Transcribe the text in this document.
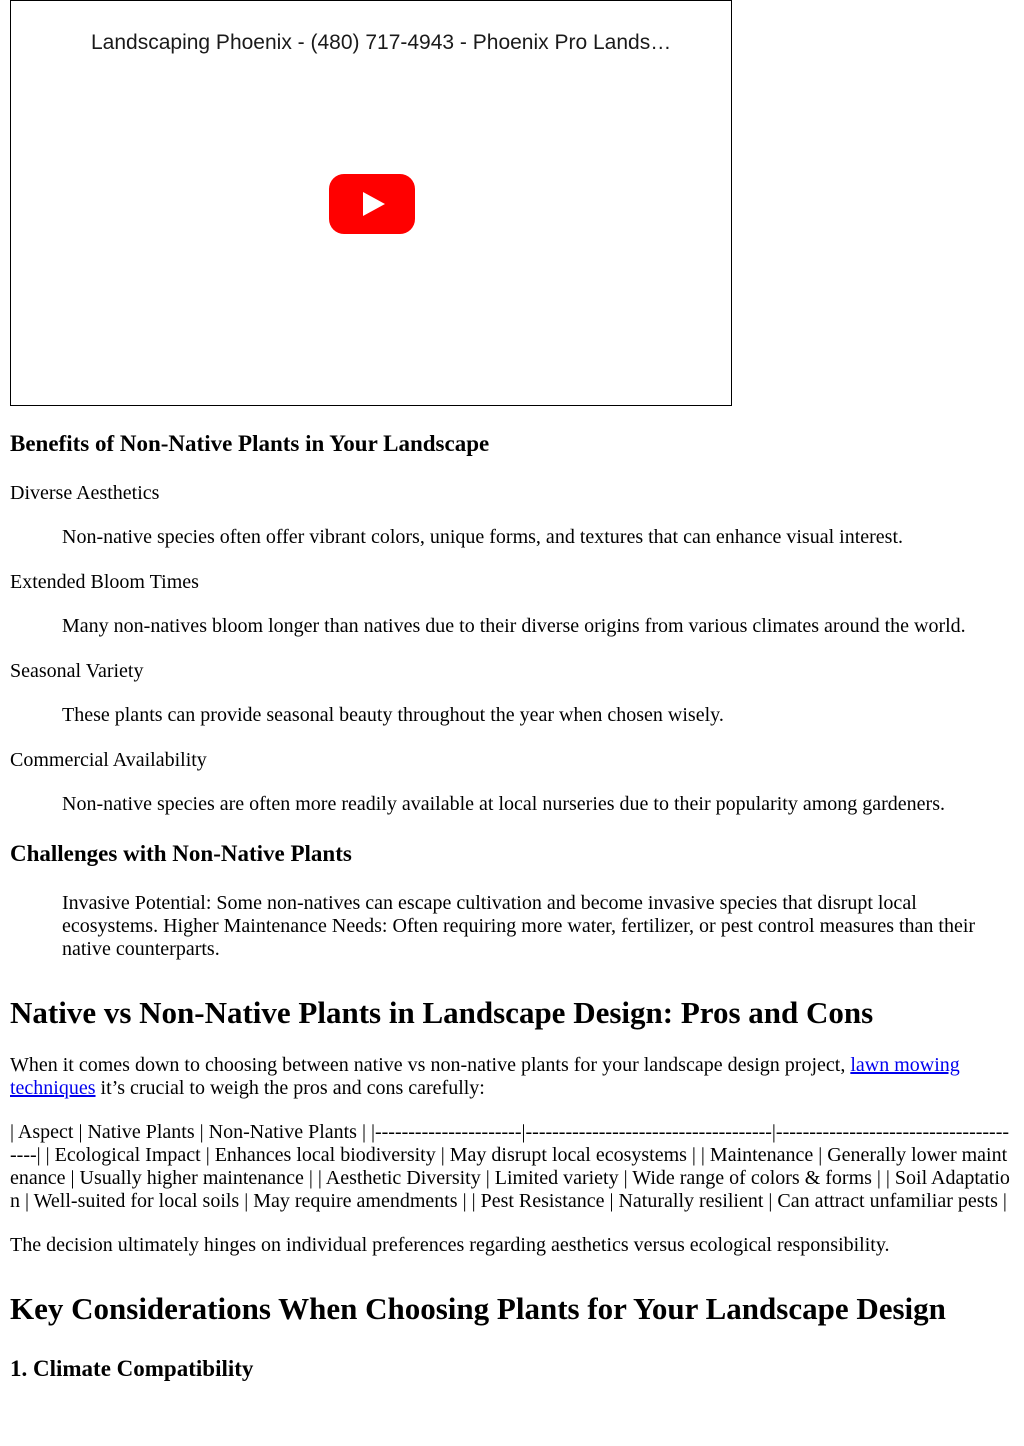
Landscaping Phoenix - (480) 717-4943 - Phoenix Pro Lands…
Benefits of Non-Native Plants in Your Landscape

Diverse Aesthetics

Non-native species often offer vibrant colors, unique forms, and textures that can enhance visual interest.

Extended Bloom Times

Many non-natives bloom longer than natives due to their diverse origins from various climates around the world.

Seasonal Variety

These plants can provide seasonal beauty throughout the year when chosen wisely.

Commercial Availability

Non-native species are often more readily available at local nurseries due to their popularity among gardeners.

Challenges with Non-Native Plants

Invasive Potential: Some non-natives can escape cultivation and become invasive species that disrupt local ecosystems. Higher Maintenance Needs: Often requiring more water, fertilizer, or pest control measures than their native counterparts.

Native vs Non-Native Plants in Landscape Design: Pros and Cons

When it comes down to choosing between native vs non-native plants for your landscape design project, lawn mowing techniques it’s crucial to weigh the pros and cons carefully:

| Aspect | Native Plants | Non-Native Plants | |----------------------|-------------------------------------|---------------------------------------| | Ecological Impact | Enhances local biodiversity | May disrupt local ecosystems | | Maintenance | Generally lower maintenance | Usually higher maintenance | | Aesthetic Diversity | Limited variety | Wide range of colors & forms | | Soil Adaptation | Well-suited for local soils | May require amendments | | Pest Resistance | Naturally resilient | Can attract unfamiliar pests |

The decision ultimately hinges on individual preferences regarding aesthetics versus ecological responsibility.

Key Considerations When Choosing Plants for Your Landscape Design
1. Climate Compatibility
